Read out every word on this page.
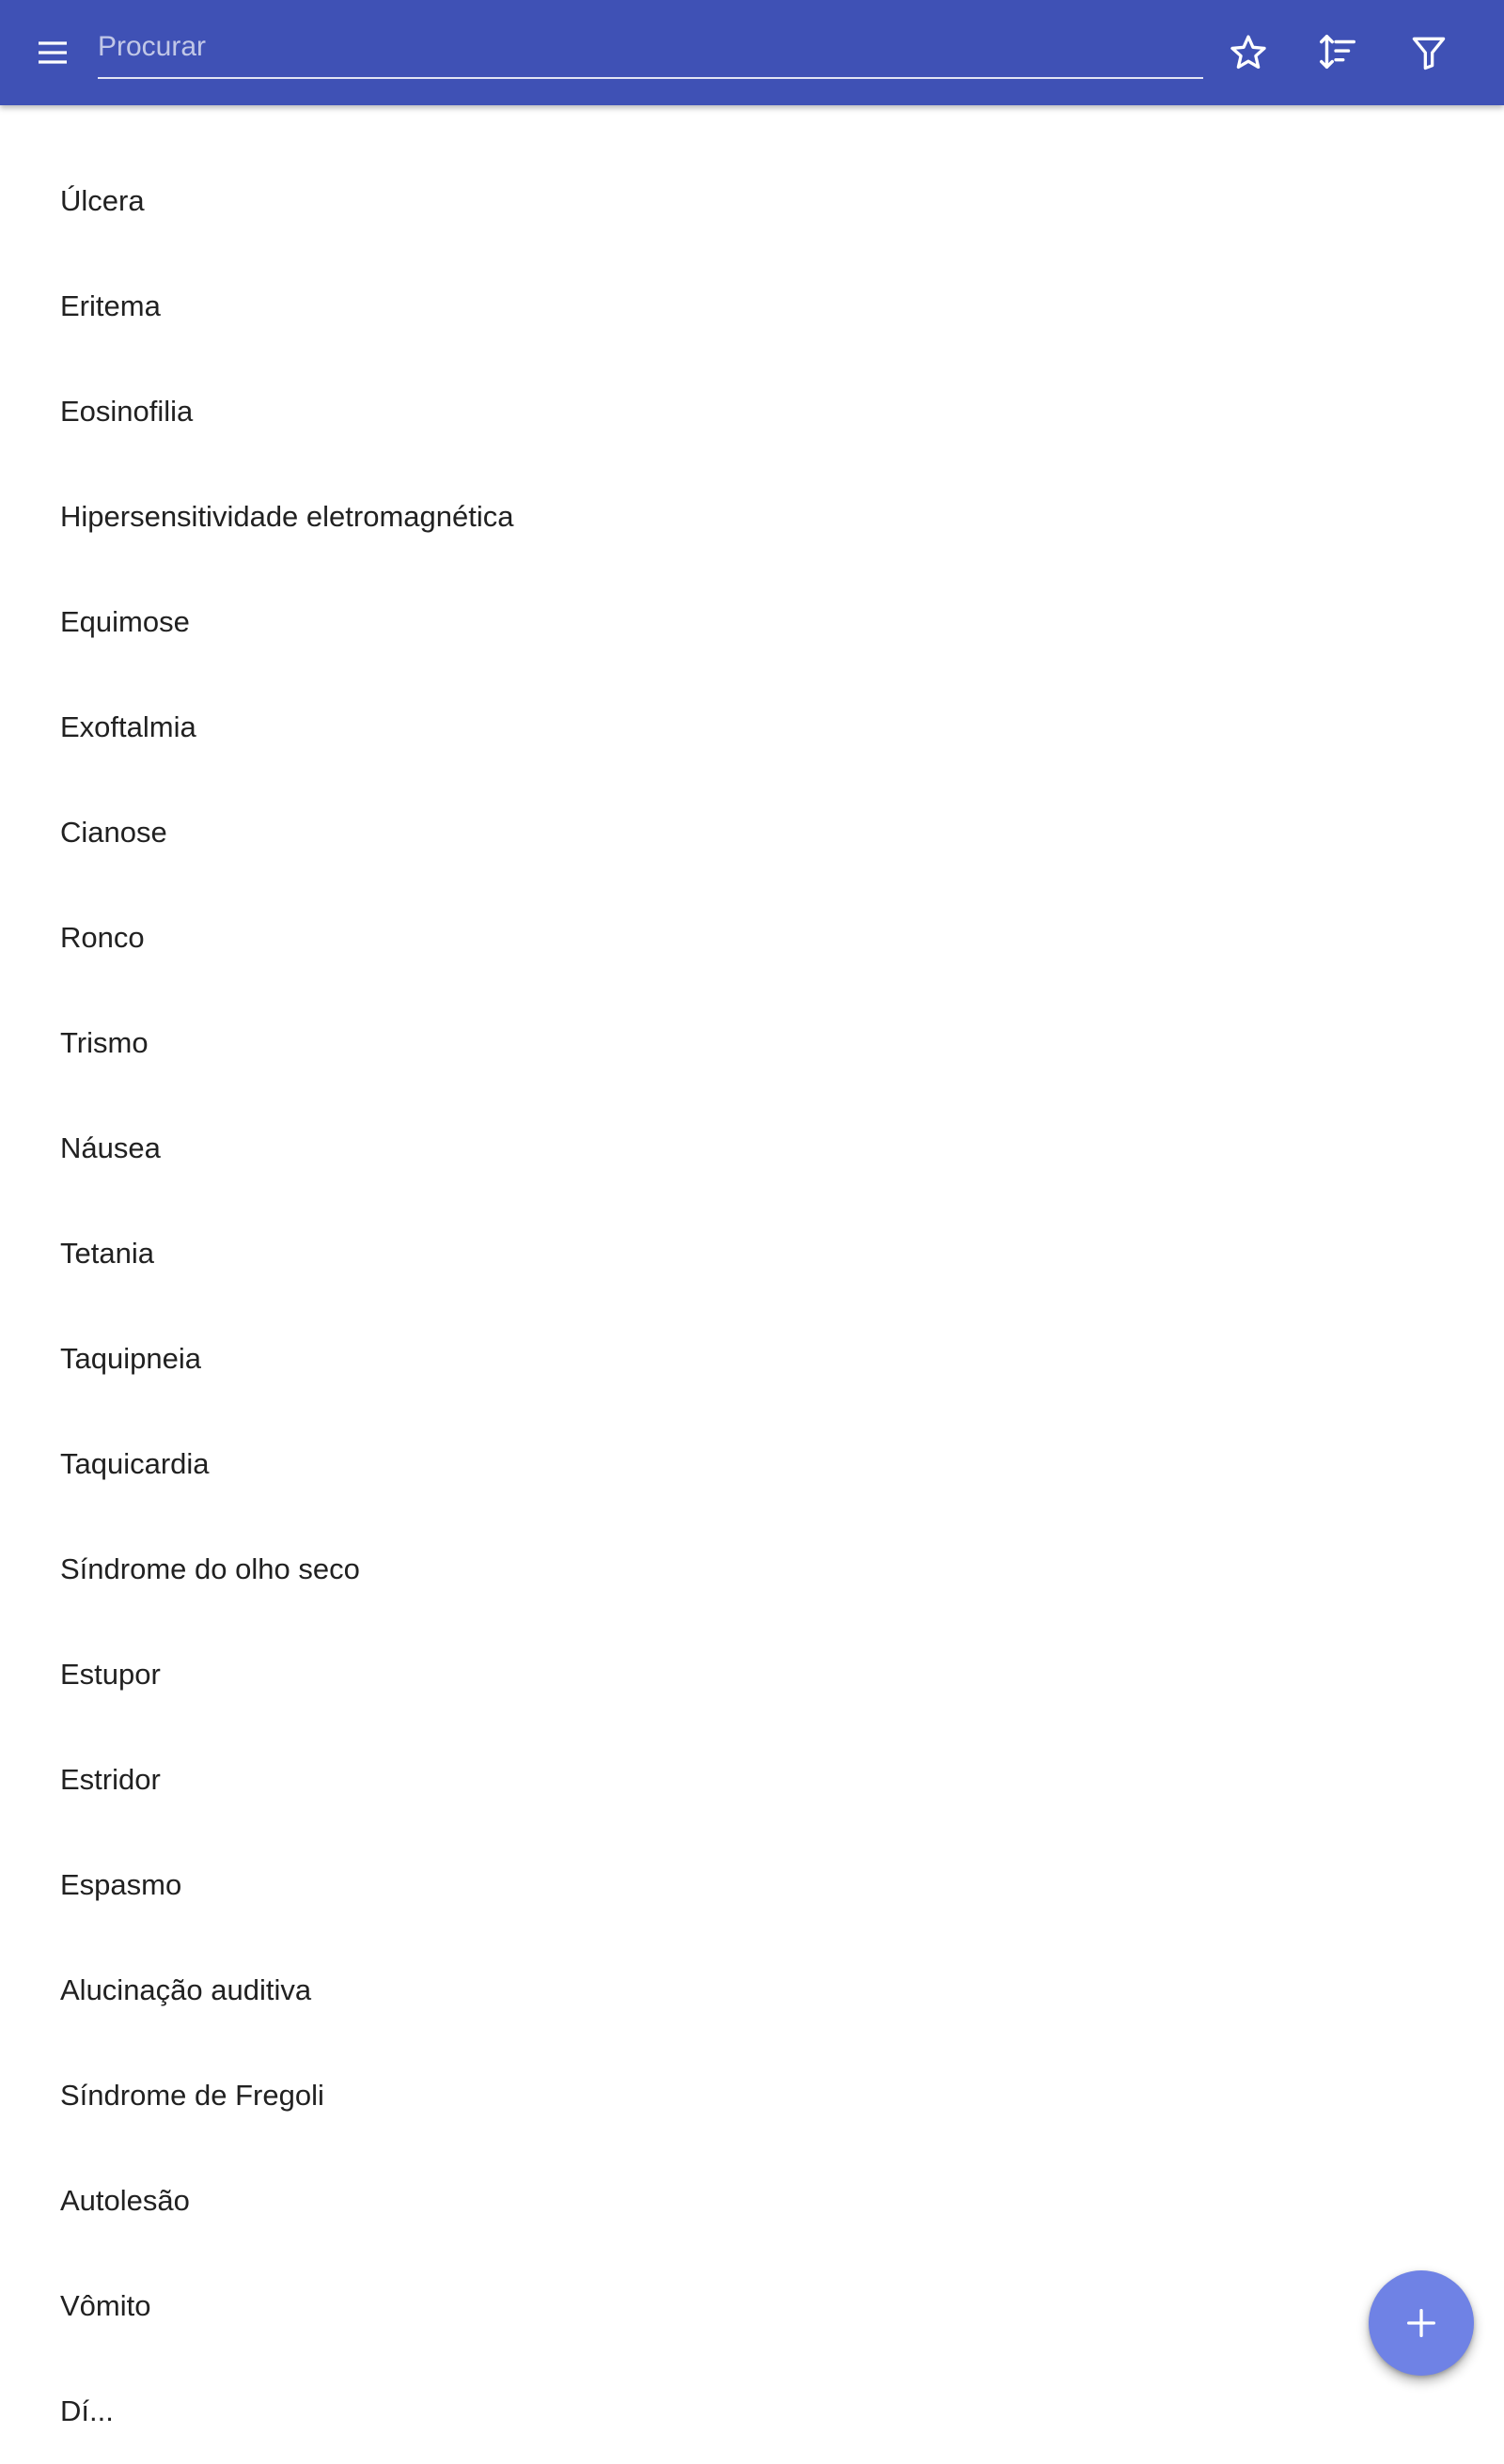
Procurar
Úlcera
Eritema
Eosinofilia
Hipersensitividade eletromagnética
Equimose
Exoftalmia
Cianose
Ronco
Trismo
Náusea
Tetania
Taquipneia
Taquicardia
Síndrome do olho seco
Estupor
Estridor
Espasmo
Alucinação auditiva
Síndrome de Fregoli
Autolesão
Vômito
Dí...
